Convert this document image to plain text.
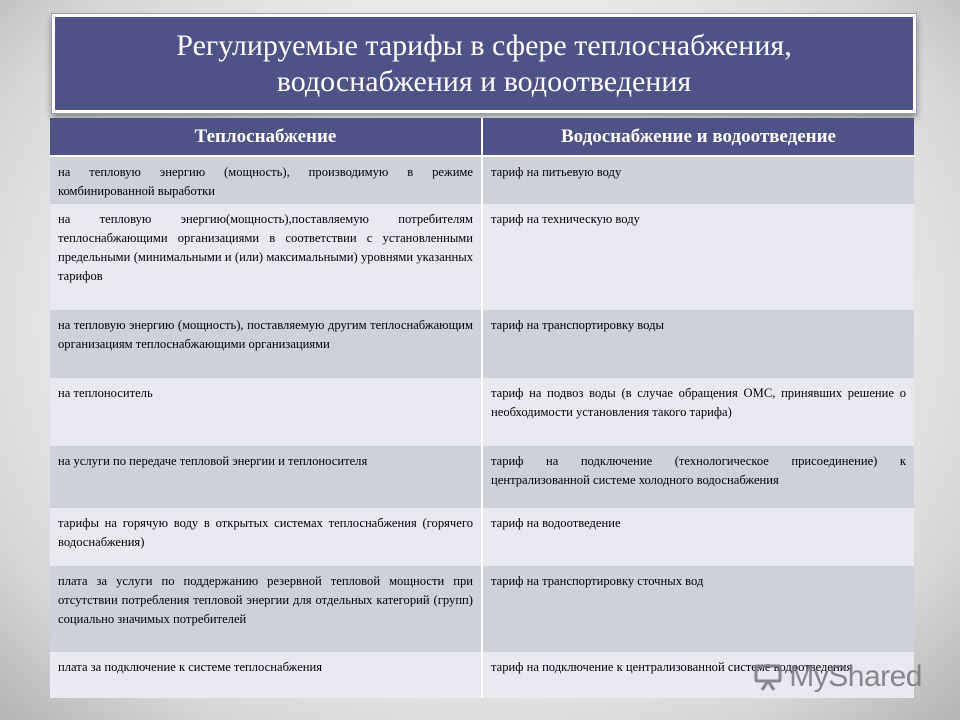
Регулируемые тарифы в сфере теплоснабжения,
водоснабжения и водоотведения
Теплоснабжение	Водоснабжение и водоотведение
на тепловую энергию (мощность), производимую в режиме комбинированной выработки	тариф на питьевую воду
на тепловую энергию(мощность),поставляемую потребителям теплоснабжающими организациями в соответствии с установленными предельными (минимальными и (или) максимальными) уровнями указанных тарифов	тариф на техническую воду
на тепловую энергию (мощность), поставляемую другим теплоснабжающим организациям теплоснабжающими организациями	тариф на транспортировку воды
на теплоноситель	тариф на подвоз воды (в случае обращения ОМС, принявших решение о необходимости установления такого тарифа)
на услуги по передаче тепловой энергии и теплоносителя	тариф на подключение (технологическое присоединение) к централизованной системе холодного водоснабжения
тарифы на горячую воду в открытых системах теплоснабжения (горячего водоснабжения)	тариф на водоотведение
плата за услуги по поддержанию резервной тепловой мощности при отсутствии потребления тепловой энергии для отдельных категорий (групп) социально значимых потребителей	тариф на транспортировку сточных вод
плата за подключение к системе теплоснабжения	тариф на подключение к централизованной системе водоотведения
MyShared
